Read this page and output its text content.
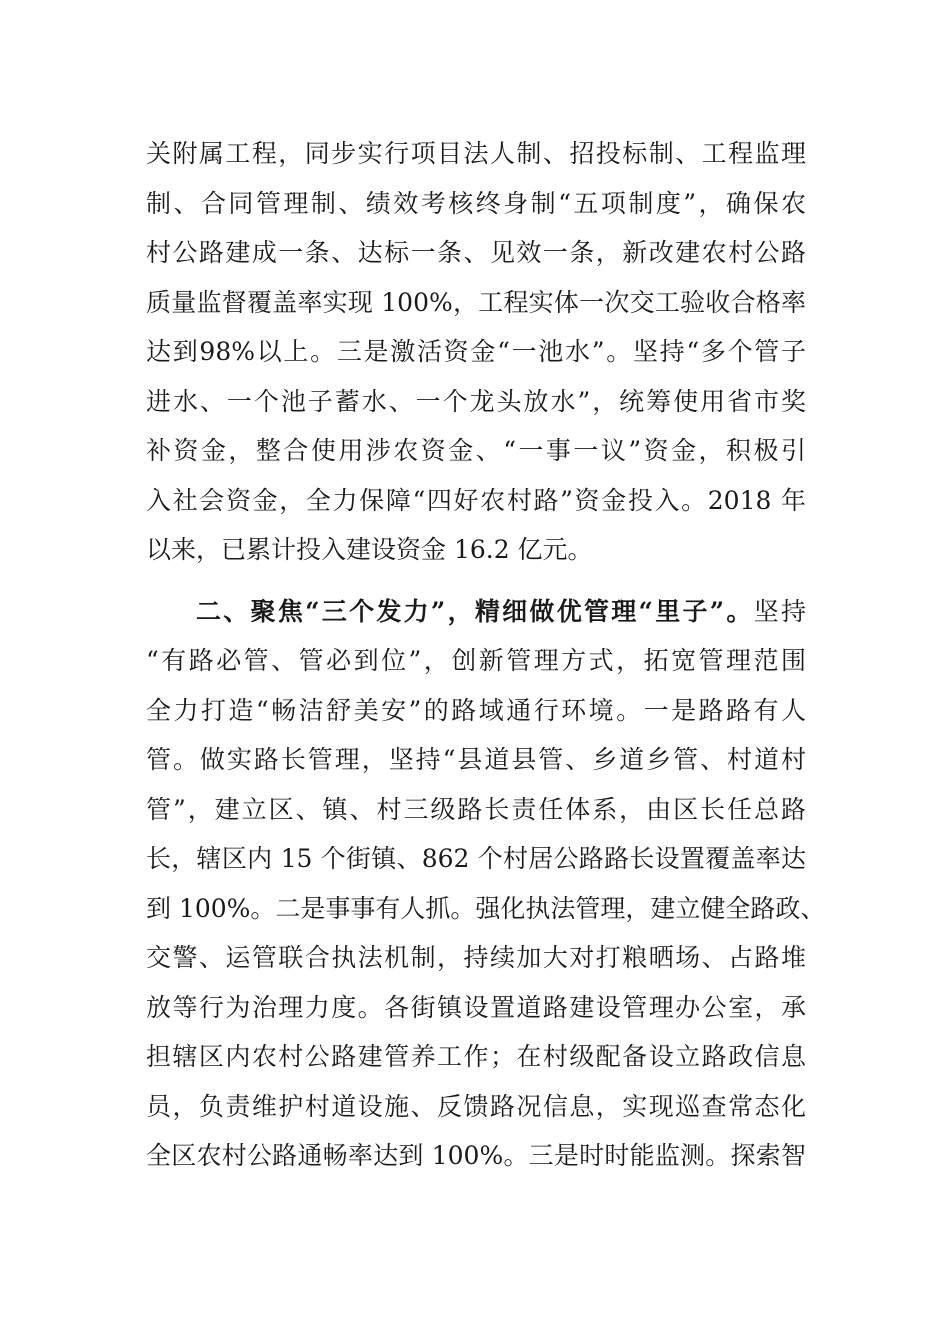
关附属工程，同步实行项目法人制、招投标制、工程监理
制、合同管理制、绩效考核终身制“五项制度”，确保农
村公路建成一条、达标一条、见效一条，新改建农村公路
质量监督覆盖率实现 100%，工程实体一次交工验收合格率
达到98%以上。三是激活资金“一池水”。坚持“多个管子
进水、一个池子蓄水、一个龙头放水”，统筹使用省市奖
补资金，整合使用涉农资金、“一事一议”资金，积极引
入社会资金，全力保障“四好农村路”资金投入。2018 年
以来，已累计投入建设资金 16.2 亿元。
二、聚焦“三个发力”，精细做优管理“里子”。坚持
“有路必管、管必到位”，创新管理方式，拓宽管理范围
全力打造“畅洁舒美安”的路域通行环境。一是路路有人
管。做实路长管理，坚持“县道县管、乡道乡管、村道村
管”，建立区、镇、村三级路长责任体系，由区长任总路
长，辖区内 15 个街镇、862 个村居公路路长设置覆盖率达
到 100%。二是事事有人抓。强化执法管理，建立健全路政、
交警、运管联合执法机制，持续加大对打粮晒场、占路堆
放等行为治理力度。各街镇设置道路建设管理办公室，承
担辖区内农村公路建管养工作；在村级配备设立路政信息
员，负责维护村道设施、反馈路况信息，实现巡查常态化
全区农村公路通畅率达到 100%。三是时时能监测。探索智
